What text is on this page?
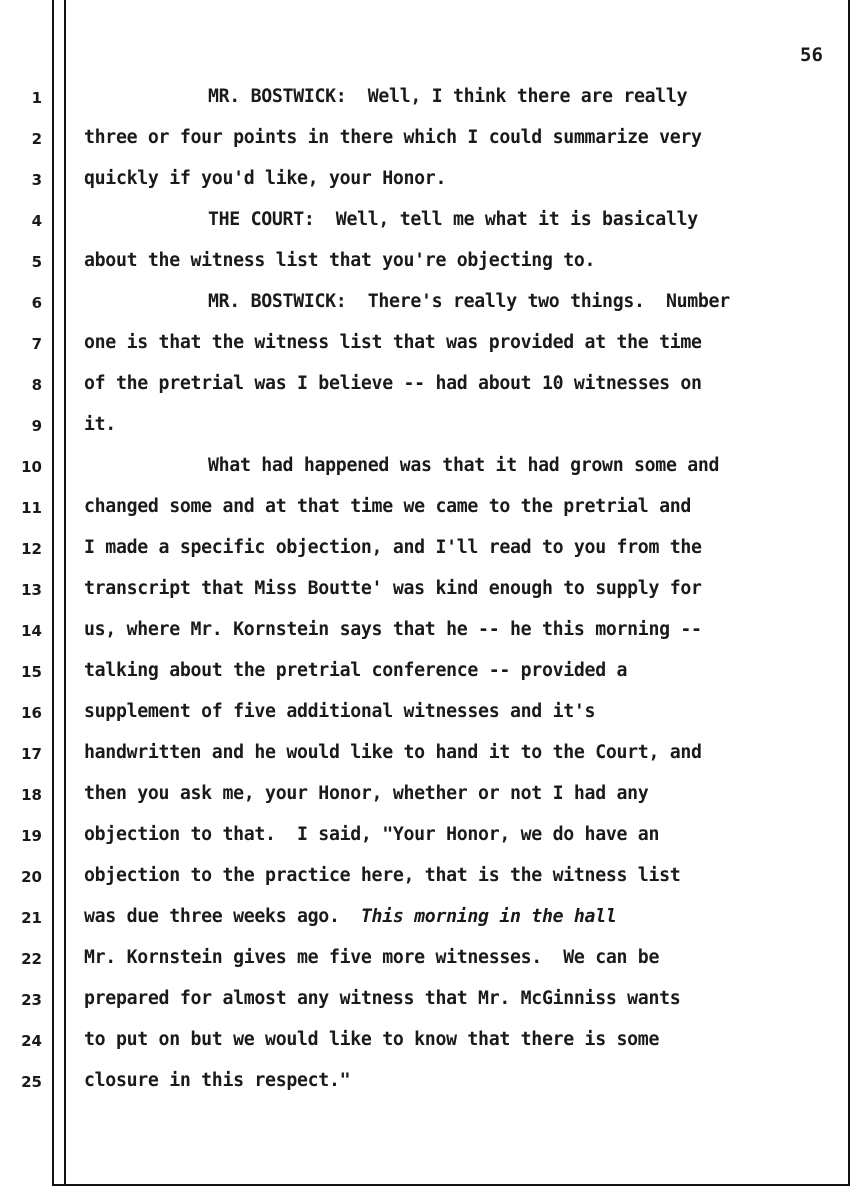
56
1	MR. BOSTWICK:  Well, I think there are really
2 three or four points in there which I could summarize very
3 quickly if you'd like, your Honor.
4	THE COURT:  Well, tell me what it is basically
5 about the witness list that you're objecting to.
6	MR. BOSTWICK:  There's really two things.  Number
7 one is that the witness list that was provided at the time
8 of the pretrial was I believe -- had about 10 witnesses on
9 it.
10	What had happened was that it had grown some and
11 changed some and at that time we came to the pretrial and
12 I made a specific objection, and I'll read to you from the
13 transcript that Miss Boutte' was kind enough to supply for
14 us, where Mr. Kornstein says that he -- he this morning --
15 talking about the pretrial conference -- provided a
16 supplement of five additional witnesses and it's
17 handwritten and he would like to hand it to the Court, and
18 then you ask me, your Honor, whether or not I had any
19 objection to that.  I said, "Your Honor, we do have an
20 objection to the practice here, that is the witness list
21 was due three weeks ago.  This morning in the hall
22 Mr. Kornstein gives me five more witnesses.  We can be
23 prepared for almost any witness that Mr. McGinniss wants
24 to put on but we would like to know that there is some
25 closure in this respect."
